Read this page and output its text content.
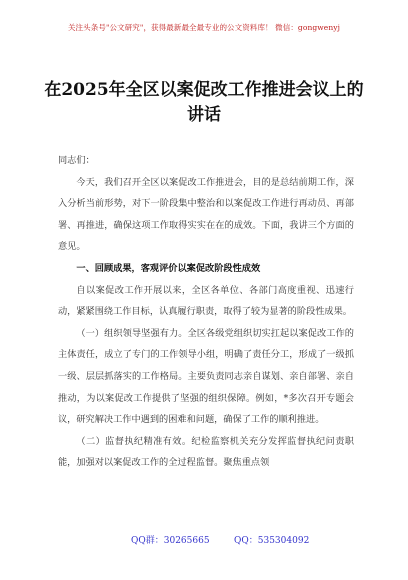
关注头条号"公文研究"，获得最新最全最专业的公文资料库！ 微信：gongwenyj
在2025年全区以案促改工作推进会议上的讲话

同志们：

今天，我们召开全区以案促改工作推进会，目的是总结前期工作，深入分析当前形势，对下一阶段集中整治和以案促改工作进行再动员、再部署、再推进，确保这项工作取得实实在在的成效。下面，我讲三个方面的意见。

一、回顾成果，客观评价以案促改阶段性成效

自以案促改工作开展以来，全区各单位、各部门高度重视、迅速行动，紧紧围绕工作目标，认真履行职责，取得了较为显著的阶段性成果。

（一）组织领导坚强有力。全区各级党组织切实扛起以案促改工作的主体责任，成立了专门的工作领导小组，明确了责任分工，形成了一级抓一级、层层抓落实的工作格局。主要负责同志亲自谋划、亲自部署、亲自推动，为以案促改工作提供了坚强的组织保障。例如，*多次召开专题会议，研究解决工作中遇到的困难和问题，确保了工作的顺利推进。

（二）监督执纪精准有效。纪检监察机关充分发挥监督执纪问责职能，加强对以案促改工作的全过程监督。聚焦重点领

QQ群：30265665	QQ：535304092
